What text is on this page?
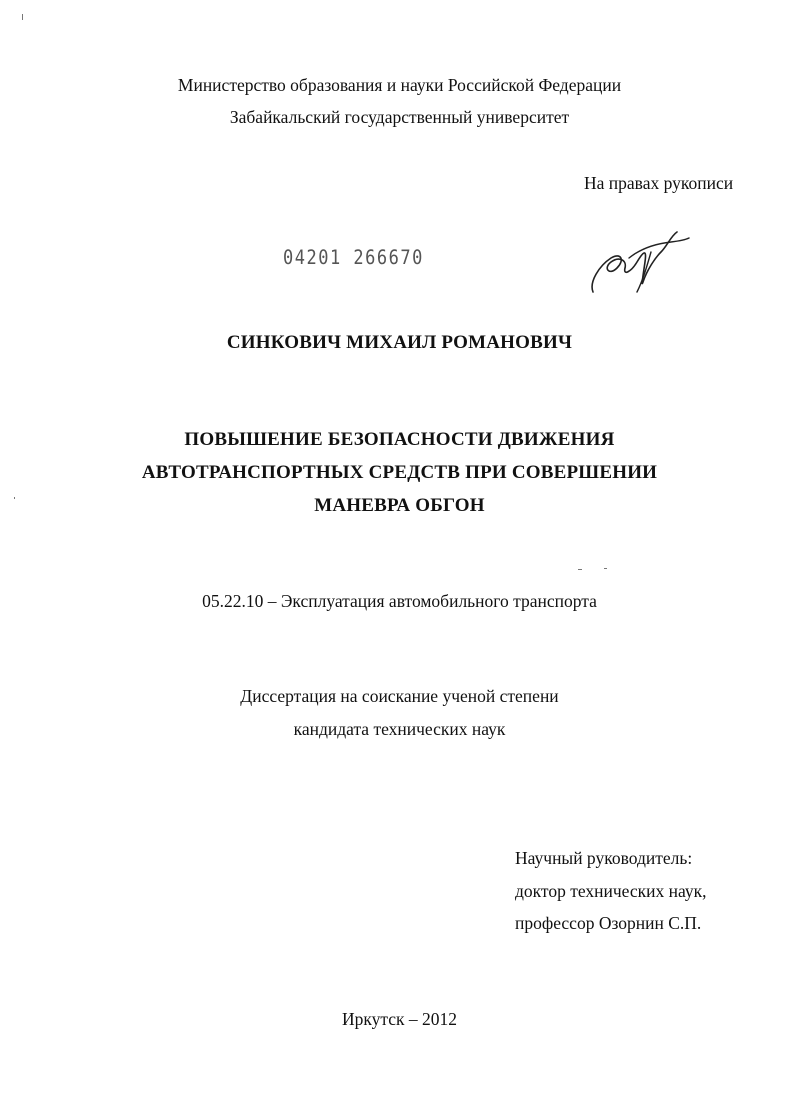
Министерство образования и науки Российской Федерации
Забайкальский государственный университет
На правах рукописи
04201 266670
СИНКОВИЧ МИХАИЛ РОМАНОВИЧ
ПОВЫШЕНИЕ БЕЗОПАСНОСТИ ДВИЖЕНИЯ
АВТОТРАНСПОРТНЫХ СРЕДСТВ ПРИ СОВЕРШЕНИИ
МАНЕВРА ОБГОН
05.22.10 – Эксплуатация автомобильного транспорта
Диссертация на соискание ученой степени
кандидата технических наук
Научный руководитель:
доктор технических наук,
профессор Озорнин С.П.
Иркутск – 2012
